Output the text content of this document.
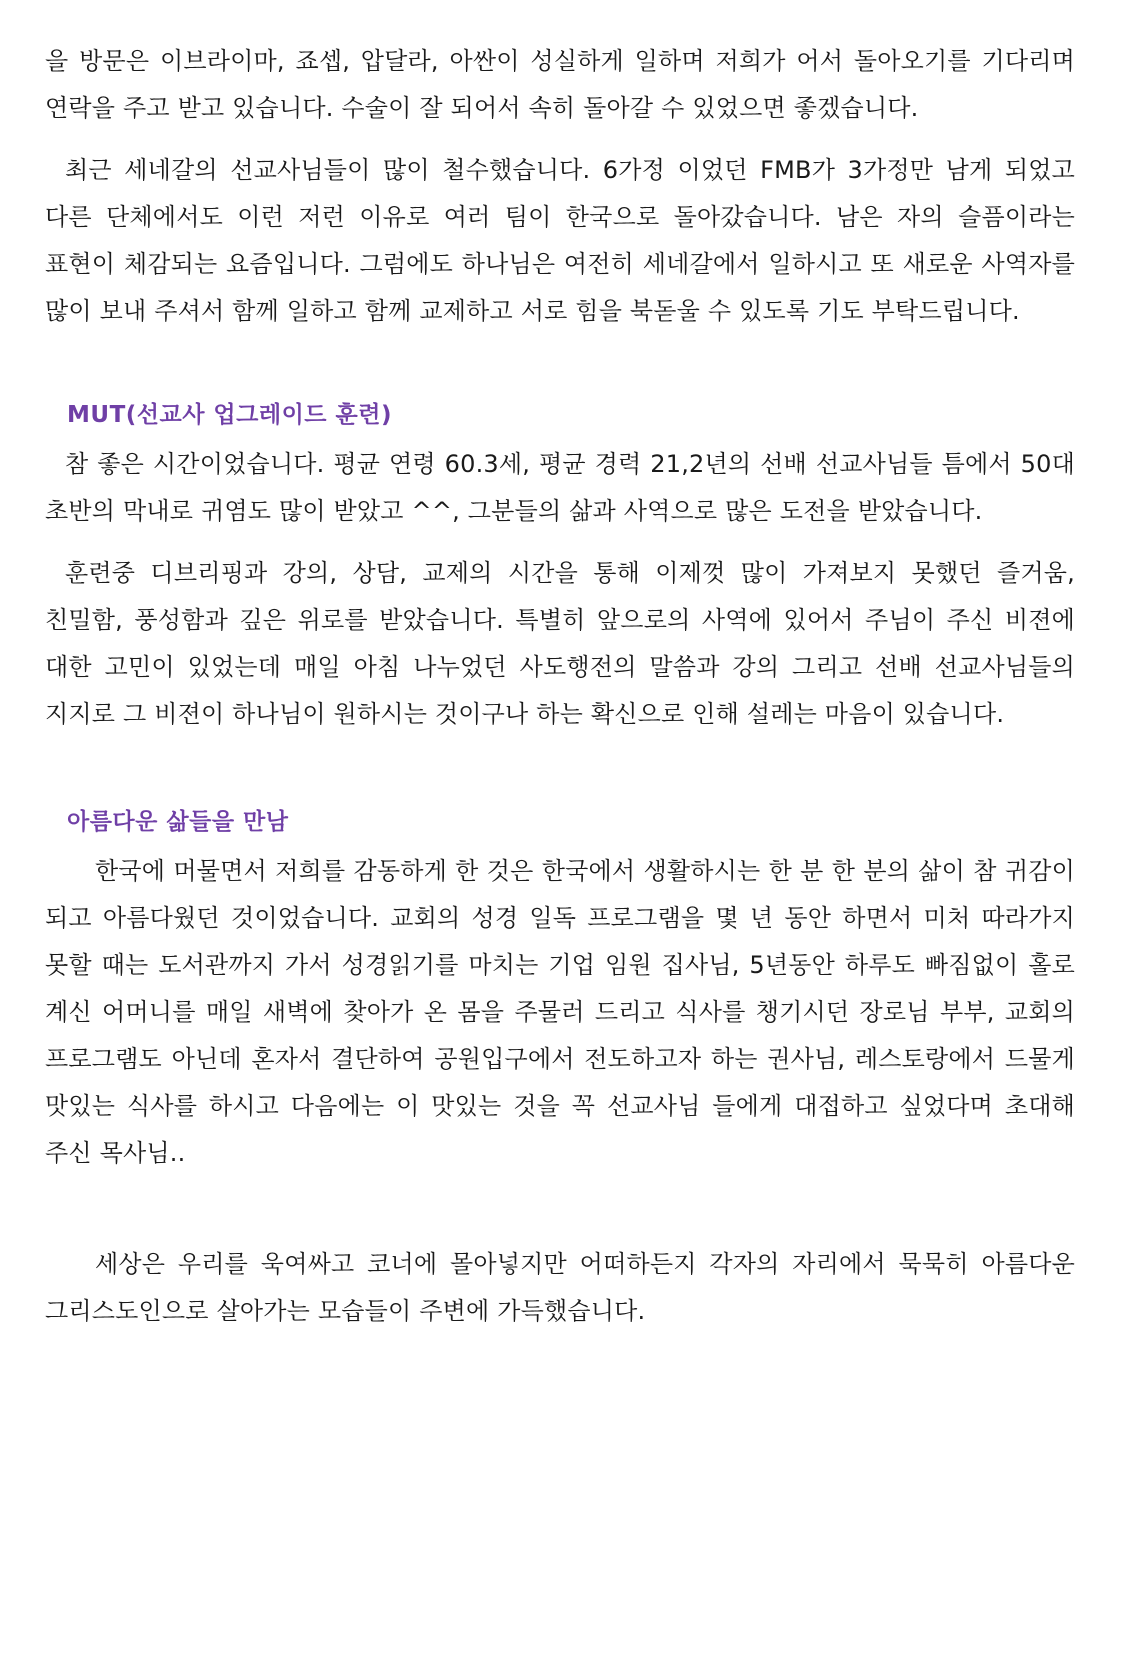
을 방문은 이브라이마, 죠셉, 압달라, 아싼이 성실하게 일하며 저희가 어서 돌아오기를 기다리며 연락을 주고 받고 있습니다. 수술이 잘 되어서 속히 돌아갈 수 있었으면 좋겠습니다.

최근 세네갈의 선교사님들이 많이 철수했습니다. 6가정 이었던 FMB가 3가정만 남게 되었고 다른 단체에서도 이런 저런 이유로 여러 팀이 한국으로 돌아갔습니다. 남은 자의 슬픔이라는 표현이 체감되는 요즘입니다. 그럼에도 하나님은 여전히 세네갈에서 일하시고 또 새로운 사역자를 많이 보내 주셔서 함께 일하고 함께 교제하고 서로 힘을 북돋울 수 있도록 기도 부탁드립니다.

MUT(선교사 업그레이드 훈련)

참 좋은 시간이었습니다. 평균 연령 60.3세, 평균 경력 21,2년의 선배 선교사님들 틈에서 50대 초반의 막내로 귀염도 많이 받았고 ^^, 그분들의 삶과 사역으로 많은 도전을 받았습니다.

훈련중 디브리핑과 강의, 상담, 교제의 시간을 통해 이제껏 많이 가져보지 못했던 즐거움, 친밀함, 풍성함과 깊은 위로를 받았습니다. 특별히 앞으로의 사역에 있어서 주님이 주신 비젼에 대한 고민이 있었는데 매일 아침 나누었던 사도행전의 말씀과 강의 그리고 선배 선교사님들의 지지로 그 비젼이 하나님이 원하시는 것이구나 하는 확신으로 인해 설레는 마음이 있습니다.

아름다운 삶들을 만남

한국에 머물면서 저희를 감동하게 한 것은 한국에서 생활하시는 한 분 한 분의 삶이 참 귀감이 되고 아름다웠던 것이었습니다. 교회의 성경 일독 프로그램을 몇 년 동안 하면서 미처 따라가지 못할 때는 도서관까지 가서 성경읽기를 마치는 기업 임원 집사님, 5년동안 하루도 빠짐없이 홀로 계신 어머니를 매일 새벽에 찾아가 온 몸을 주물러 드리고 식사를 챙기시던 장로님 부부, 교회의 프로그램도 아닌데 혼자서 결단하여 공원입구에서 전도하고자 하는 권사님, 레스토랑에서 드물게 맛있는 식사를 하시고 다음에는 이 맛있는 것을 꼭 선교사님 들에게 대접하고 싶었다며 초대해 주신 목사님..

세상은 우리를 욱여싸고 코너에 몰아넣지만 어떠하든지 각자의 자리에서 묵묵히 아름다운 그리스도인으로 살아가는 모습들이 주변에 가득했습니다.
